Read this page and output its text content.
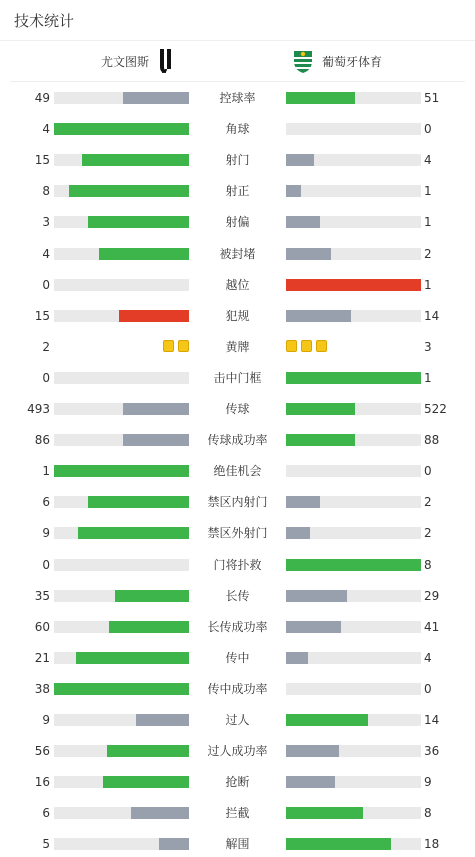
技术统计
尤文图斯	葡萄牙体育
49	控球率	51
4	角球	0
15	射门	4
8	射正	1
3	射偏	1
4	被封堵	2
0	越位	1
15	犯规	14
2	黄牌	3
0	击中门框	1
493	传球	522
86	传球成功率	88
1	绝佳机会	0
6	禁区内射门	2
9	禁区外射门	2
0	门将扑救	8
35	长传	29
60	长传成功率	41
21	传中	4
38	传中成功率	0
9	过人	14
56	过人成功率	36
16	抢断	9
6	拦截	8
5	解围	18
